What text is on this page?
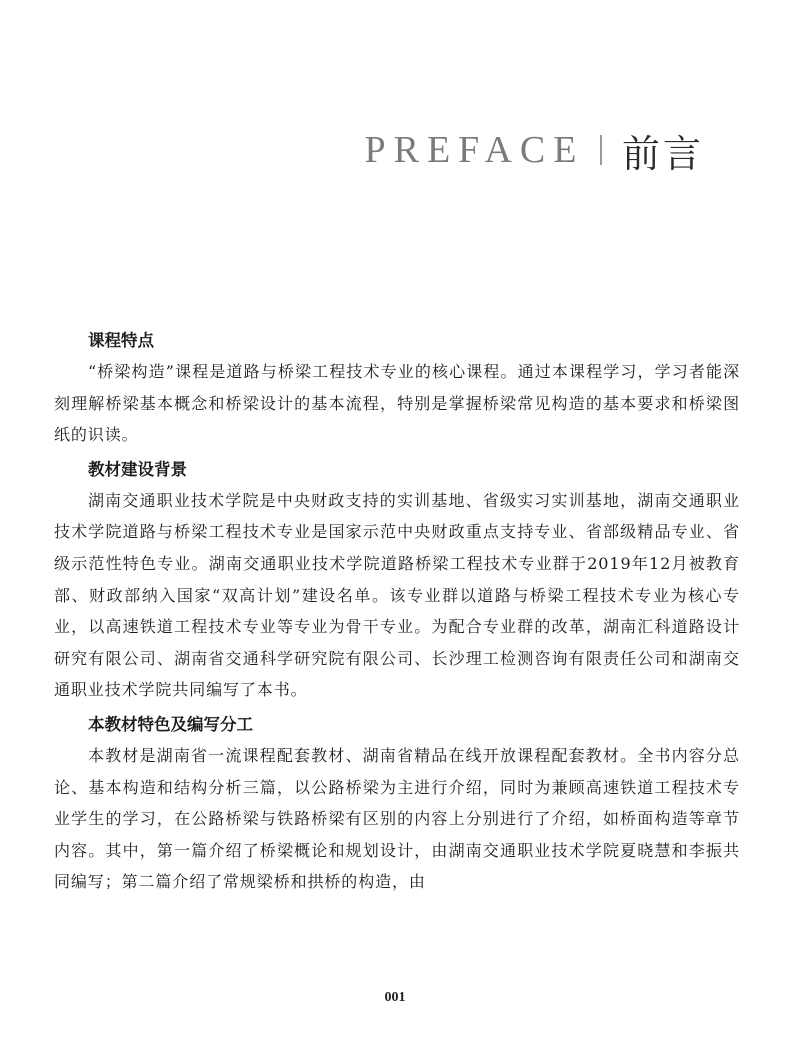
PREFACE 前言
课程特点

“桥梁构造”课程是道路与桥梁工程技术专业的核心课程。通过本课程学习，学习者能深刻理解桥梁基本概念和桥梁设计的基本流程，特别是掌握桥梁常见构造的基本要求和桥梁图纸的识读。

教材建设背景

湖南交通职业技术学院是中央财政支持的实训基地、省级实习实训基地，湖南交通职业技术学院道路与桥梁工程技术专业是国家示范中央财政重点支持专业、省部级精品专业、省级示范性特色专业。湖南交通职业技术学院道路桥梁工程技术专业群于2019年12月被教育部、财政部纳入国家“双高计划”建设名单。该专业群以道路与桥梁工程技术专业为核心专业，以高速铁道工程技术专业等专业为骨干专业。为配合专业群的改革，湖南汇科道路设计研究有限公司、湖南省交通科学研究院有限公司、长沙理工检测咨询有限责任公司和湖南交通职业技术学院共同编写了本书。

本教材特色及编写分工

本教材是湖南省一流课程配套教材、湖南省精品在线开放课程配套教材。全书内容分总论、基本构造和结构分析三篇，以公路桥梁为主进行介绍，同时为兼顾高速铁道工程技术专业学生的学习，在公路桥梁与铁路桥梁有区别的内容上分别进行了介绍，如桥面构造等章节内容。其中，第一篇介绍了桥梁概论和规划设计，由湖南交通职业技术学院夏晓慧和李振共同编写；第二篇介绍了常规梁桥和拱桥的构造，由

001
